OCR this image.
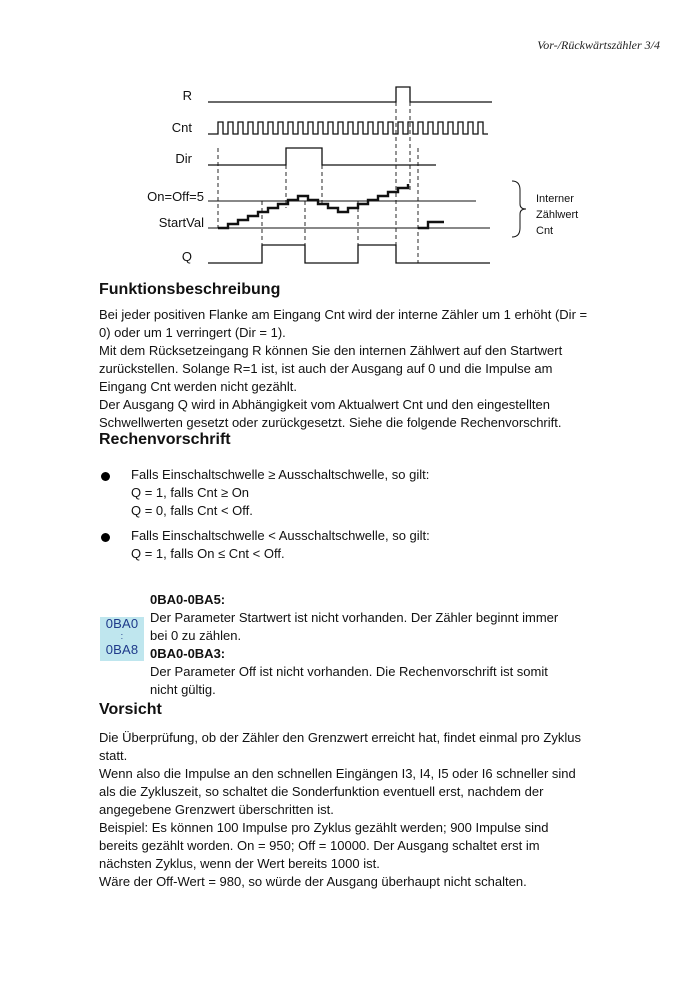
Vor-/Rückwärtszähler 3/4
R
Cnt
Dir
On=Off=5
StartVal
Q
Interner
Zählwert
Cnt
Funktionsbeschreibung
Bei jeder positiven Flanke am Eingang Cnt wird der interne Zähler um 1 erhöht (Dir =
0) oder um 1 verringert (Dir = 1).
Mit dem Rücksetzeingang R können Sie den internen Zählwert auf den Startwert
zurückstellen. Solange R=1 ist, ist auch der Ausgang auf 0 und die Impulse am
Eingang Cnt werden nicht gezählt.
Der Ausgang Q wird in Abhängigkeit vom Aktualwert Cnt und den eingestellten
Schwellwerten gesetzt oder zurückgesetzt. Siehe die folgende Rechenvorschrift.
Rechenvorschrift
Falls Einschaltschwelle ≥ Ausschaltschwelle, so gilt:
Q = 1, falls Cnt ≥ On
Q = 0, falls Cnt < Off.
Falls Einschaltschwelle < Ausschaltschwelle, so gilt:
Q = 1, falls On ≤ Cnt < Off.
0BA0
:
0BA8
0BA0-0BA5:
Der Parameter Startwert ist nicht vorhanden. Der Zähler beginnt immer
bei 0 zu zählen.
0BA0-0BA3:
Der Parameter Off ist nicht vorhanden. Die Rechenvorschrift ist somit
nicht gültig.
Vorsicht
Die Überprüfung, ob der Zähler den Grenzwert erreicht hat, findet einmal pro Zyklus
statt.
Wenn also die Impulse an den schnellen Eingängen I3, I4, I5 oder I6 schneller sind
als die Zykluszeit, so schaltet die Sonderfunktion eventuell erst, nachdem der
angegebene Grenzwert überschritten ist.
Beispiel: Es können 100 Impulse pro Zyklus gezählt werden; 900 Impulse sind
bereits gezählt worden. On = 950; Off = 10000. Der Ausgang schaltet erst im
nächsten Zyklus, wenn der Wert bereits 1000 ist.
Wäre der Off-Wert = 980, so würde der Ausgang überhaupt nicht schalten.
